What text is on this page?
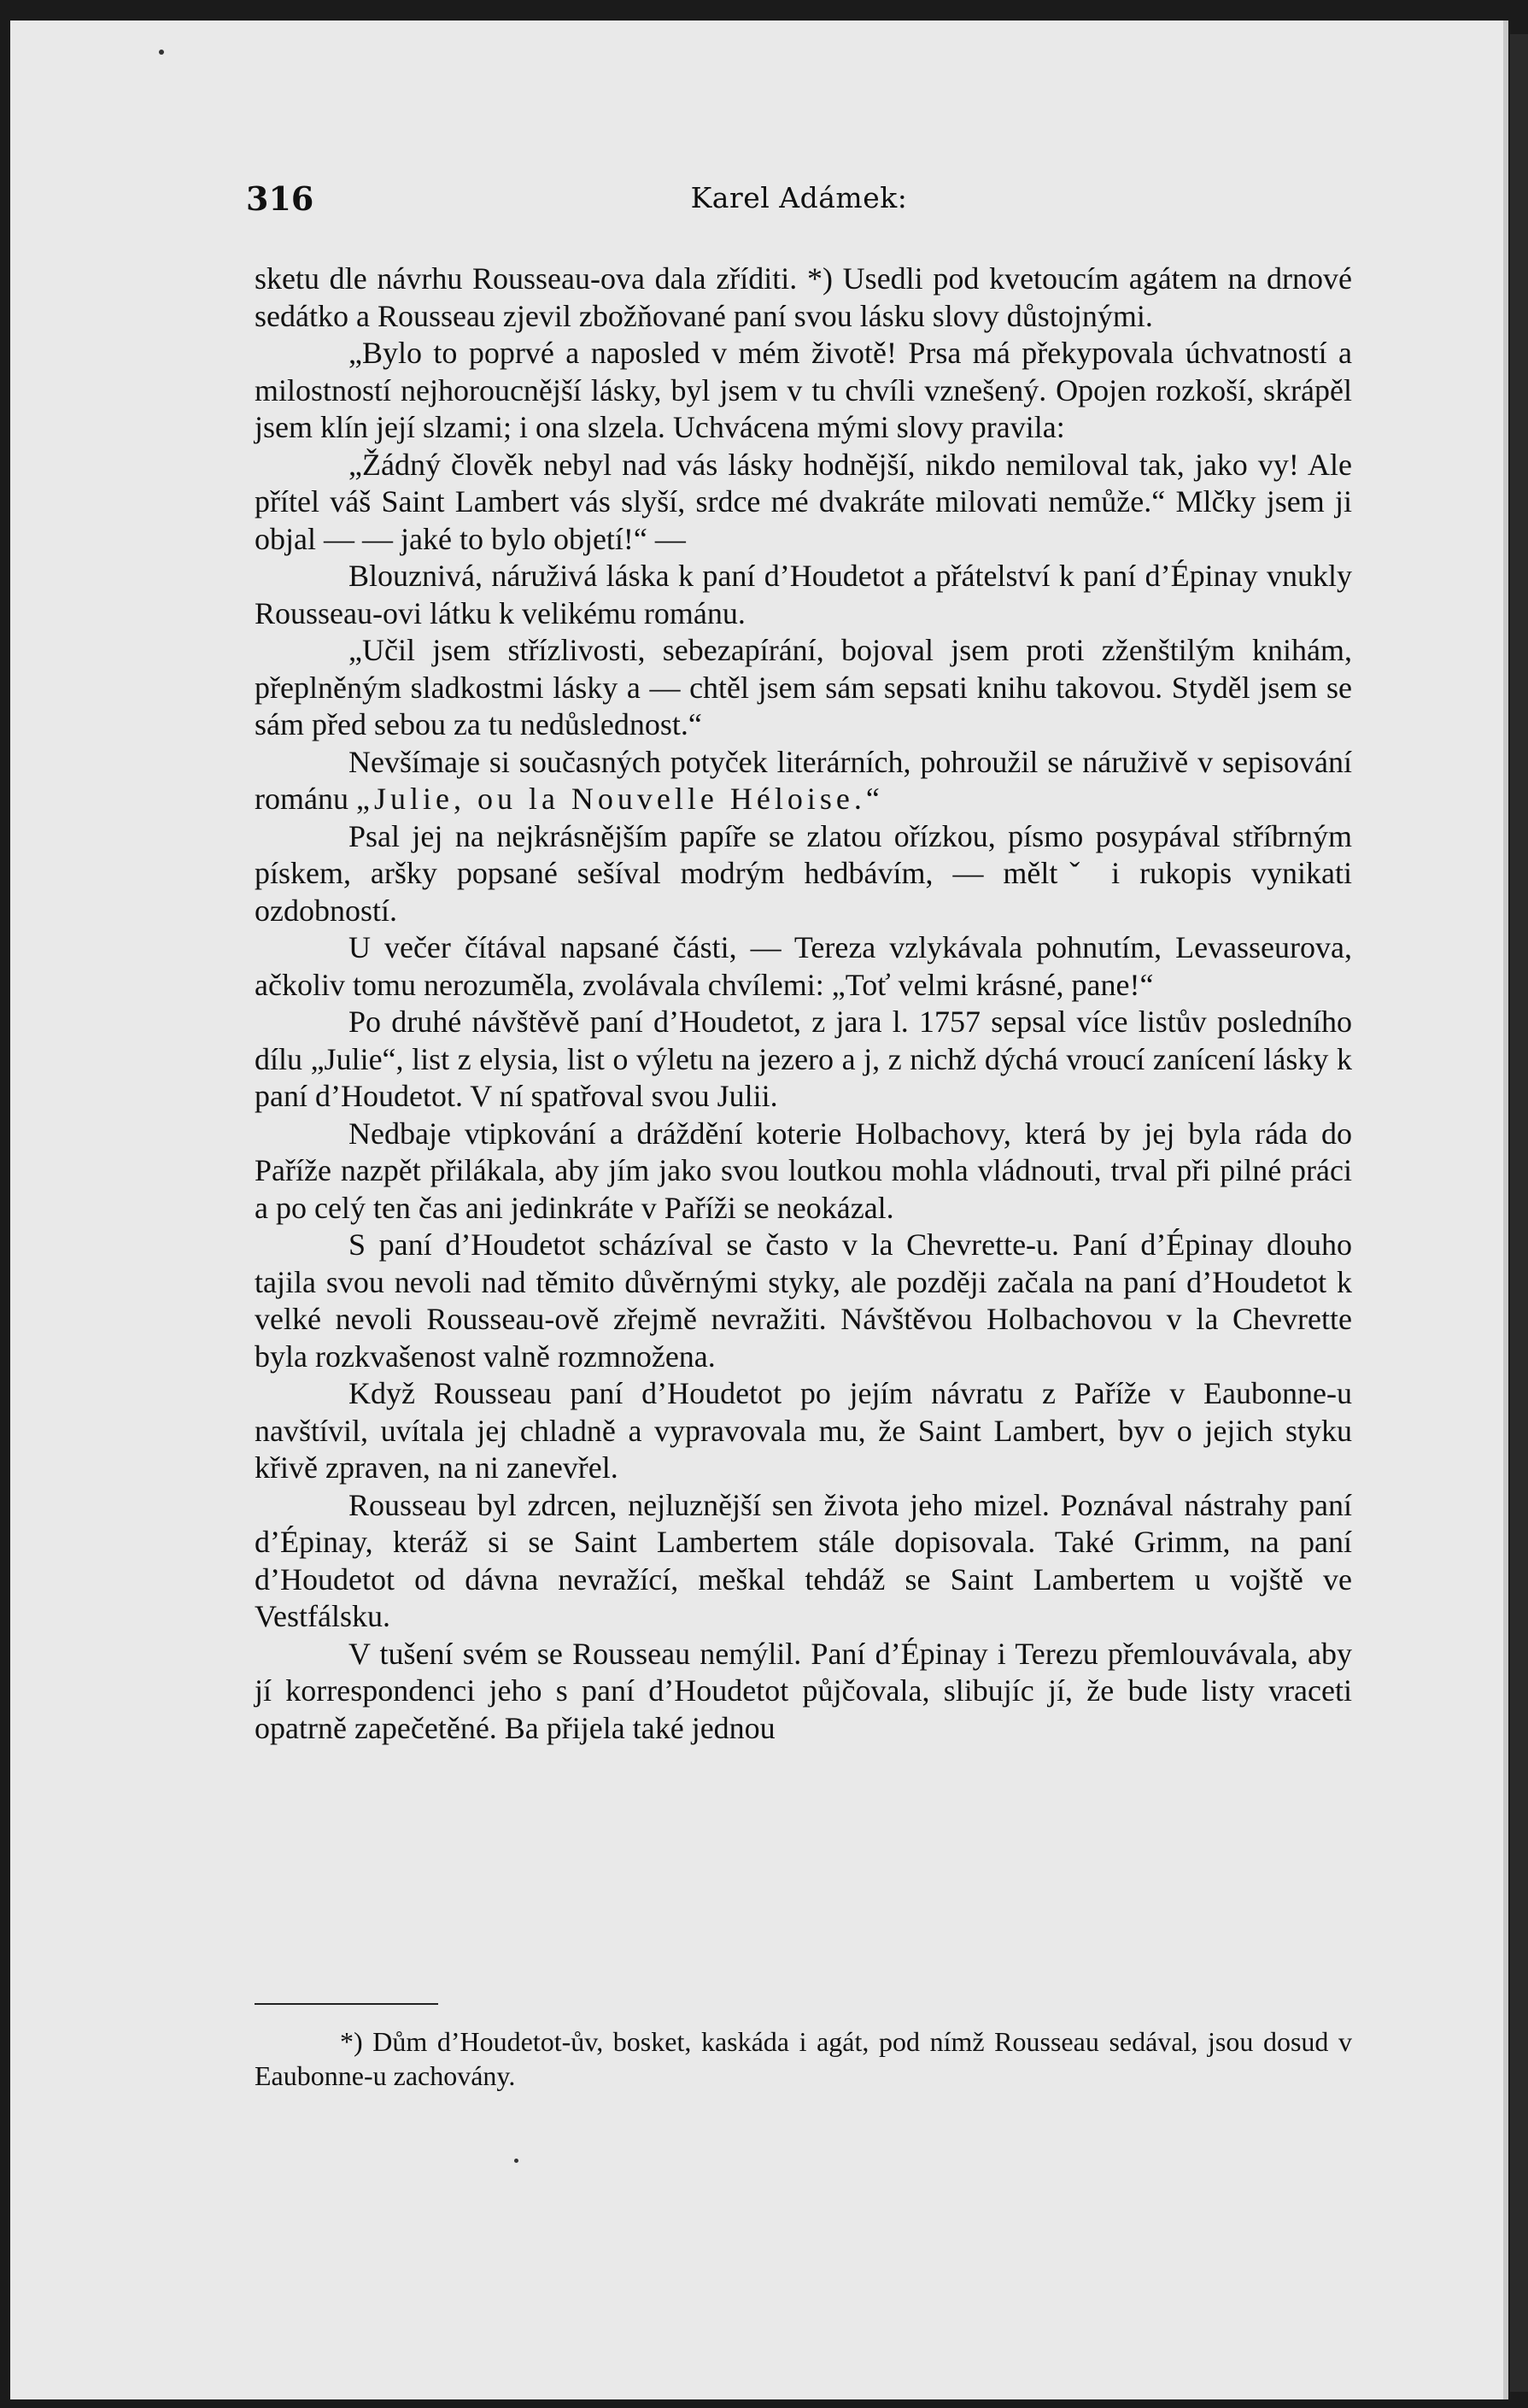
316	Karel Adámek:

sketu dle návrhu Rousseau-ova dala zříditi. *) Usedli pod kvetoucím agátem na drnové sedátko a Rousseau zjevil zbožňované paní svou lásku slovy důstojnými.

„Bylo to poprvé a naposled v mém životě! Prsa má překypovala úchvatností a milostností nejhoroucnější lásky, byl jsem v tu chvíli vznešený. Opojen rozkoší, skrápěl jsem klín její slzami; i ona slzela. Uchvácena mými slovy pravila:

„Žádný člověk nebyl nad vás lásky hodnější, nikdo nemiloval tak, jako vy! Ale přítel váš Saint Lambert vás slyší, srdce mé dvakráte milovati nemůže.“ Mlčky jsem ji objal — — jaké to bylo objetí!“ —

Blouznivá, náruživá láska k paní d’Houdetot a přátelství k paní d’Épinay vnukly Rousseau-ovi látku k velikému románu.

„Učil jsem střízlivosti, sebezapírání, bojoval jsem proti zženštilým knihám, přeplněným sladkostmi lásky a — chtěl jsem sám sepsati knihu takovou. Styděl jsem se sám před sebou za tu nedůslednost.“

Nevšímaje si současných potyček literárních, pohroužil se náruživě v sepisování románu „Julie, ou la Nouvelle Héloise.“

Psal jej na nejkrásnějším papíře se zlatou ořízkou, písmo posypával stříbrným pískem, aršky popsané sešíval modrým hedbávím, — měltˇ i rukopis vynikati ozdobností.

U večer čítával napsané části, — Tereza vzlykávala pohnutím, Levasseurova, ačkoliv tomu nerozuměla, zvolávala chvílemi: „Toť velmi krásné, pane!“

Po druhé návštěvě paní d’Houdetot, z jara l. 1757 sepsal více listův posledního dílu „Julie“, list z elysia, list o výletu na jezero a j, z nichž dýchá vroucí zanícení lásky k paní d’Houdetot. V ní spatřoval svou Julii.

Nedbaje vtipkování a dráždění koterie Holbachovy, která by jej byla ráda do Paříže nazpět přilákala, aby jím jako svou loutkou mohla vládnouti, trval při pilné práci a po celý ten čas ani jedinkráte v Paříži se neokázal.

S paní d’Houdetot scházíval se často v la Chevrette-u. Paní d’Épinay dlouho tajila svou nevoli nad těmito důvěrnými styky, ale později začala na paní d’Houdetot k velké nevoli Rousseau-ově zřejmě nevražiti. Návštěvou Holbachovou v la Chevrette byla rozkvašenost valně rozmnožena.

Když Rousseau paní d’Houdetot po jejím návratu z Paříže v Eaubonne-u navštívil, uvítala jej chladně a vypravovala mu, že Saint Lambert, byv o jejich styku křivě zpraven, na ni zanevřel.

Rousseau byl zdrcen, nejluznější sen života jeho mizel. Poznával nástrahy paní d’Épinay, kteráž si se Saint Lambertem stále dopisovala. Také Grimm, na paní d’Houdetot od dávna nevražící, meškal tehdáž se Saint Lambertem u vojště ve Vestfálsku.

V tušení svém se Rousseau nemýlil. Paní d’Épinay i Terezu přemlouvávala, aby jí korrespondenci jeho s paní d’Houdetot půjčovala, slibujíc jí, že bude listy vraceti opatrně zapečetěné. Ba přijela také jednou

*) Dům d’Houdetot-ův, bosket, kaskáda i agát, pod nímž Rousseau sedával, jsou dosud v Eaubonne-u zachovány.
